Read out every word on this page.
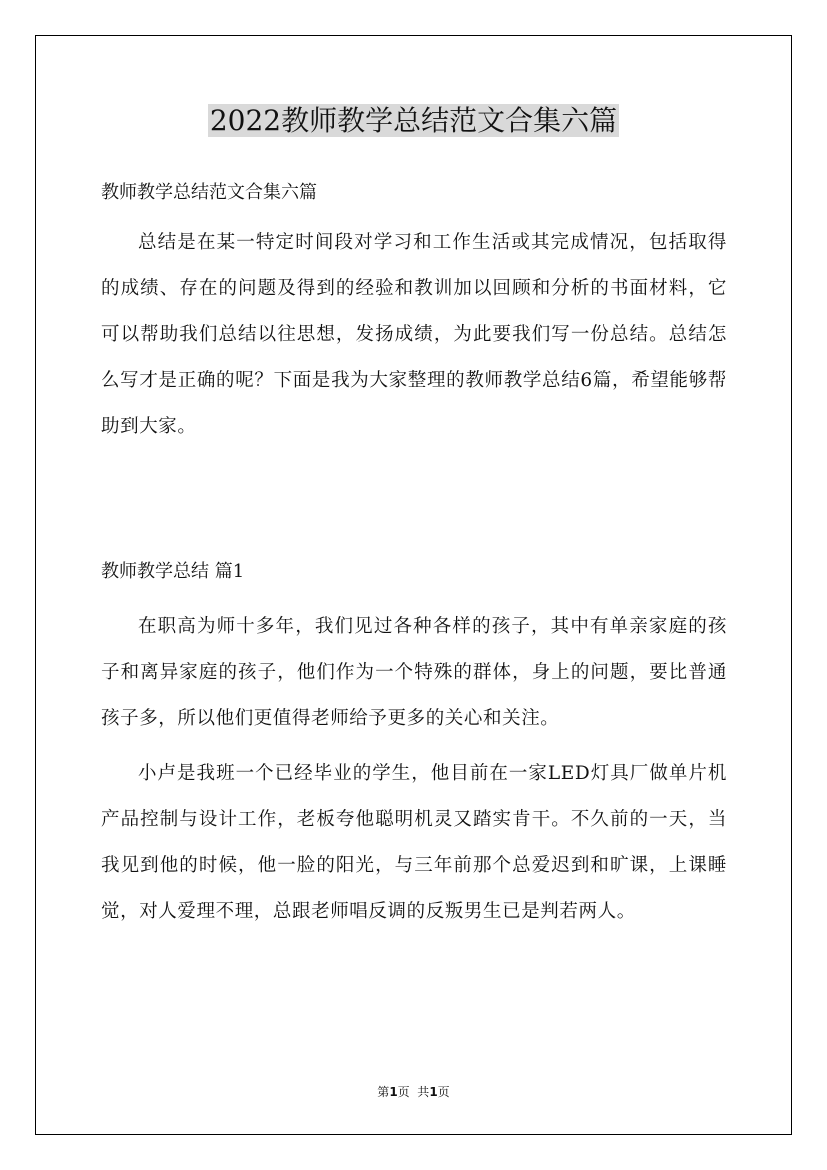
2022教师教学总结范文合集六篇

教师教学总结范文合集六篇

总结是在某一特定时间段对学习和工作生活或其完成情况，包括取得的成绩、存在的问题及得到的经验和教训加以回顾和分析的书面材料，它可以帮助我们总结以往思想，发扬成绩，为此要我们写一份总结。总结怎么写才是正确的呢？下面是我为大家整理的教师教学总结6篇，希望能够帮助到大家。

教师教学总结 篇1

在职高为师十多年，我们见过各种各样的孩子，其中有单亲家庭的孩子和离异家庭的孩子，他们作为一个特殊的群体，身上的问题，要比普通孩子多，所以他们更值得老师给予更多的关心和关注。

小卢是我班一个已经毕业的学生，他目前在一家LED灯具厂做单片机产品控制与设计工作，老板夸他聪明机灵又踏实肯干。不久前的一天，当我见到他的时候，他一脸的阳光，与三年前那个总爱迟到和旷课，上课睡觉，对人爱理不理，总跟老师唱反调的反叛男生已是判若两人。

第1页  共1页
